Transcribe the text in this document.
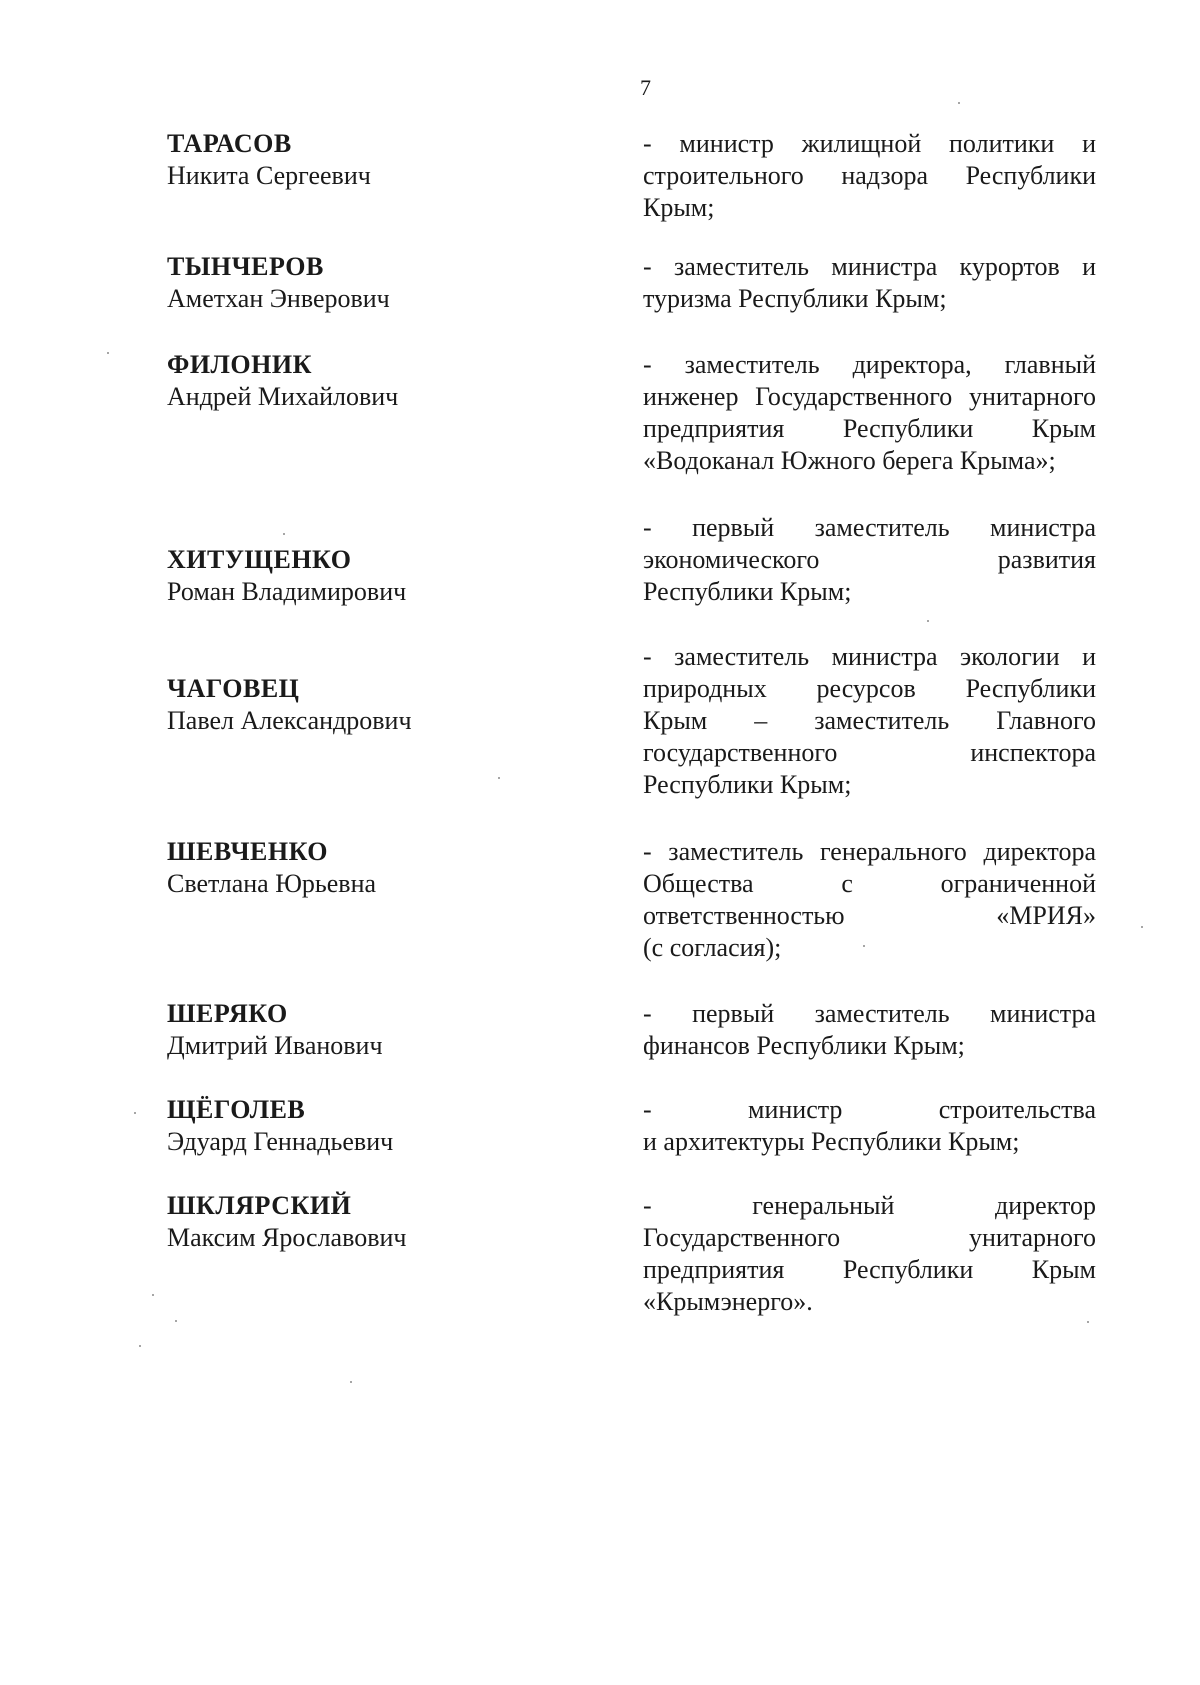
7
ТАРАСОВ
Никита Сергеевич
- министр жилищной политики и
строительного надзора Республики
Крым;
ТЫНЧЕРОВ
Аметхан Энверович
- заместитель министра курортов и
туризма Республики Крым;
ФИЛОНИК
Андрей Михайлович
- заместитель директора, главный
инженер Государственного унитарного
предприятия Республики Крым
«Водоканал Южного берега Крыма»;
ХИТУЩЕНКО
Роман Владимирович
- первый заместитель министра
экономического развития
Республики Крым;
ЧАГОВЕЦ
Павел Александрович
- заместитель министра экологии и
природных ресурсов Республики
Крым – заместитель Главного
государственного инспектора
Республики Крым;
ШЕВЧЕНКО
Светлана Юрьевна
- заместитель генерального директора
Общества с ограниченной
ответственностью «МРИЯ»
(с согласия);
ШЕРЯКО
Дмитрий Иванович
- первый заместитель министра
финансов Республики Крым;
ЩЁГОЛЕВ
Эдуард Геннадьевич
- министр строительства
и архитектуры Республики Крым;
ШКЛЯРСКИЙ
Максим Ярославович
- генеральный директор
Государственного унитарного
предприятия Республики Крым
«Крымэнерго».
